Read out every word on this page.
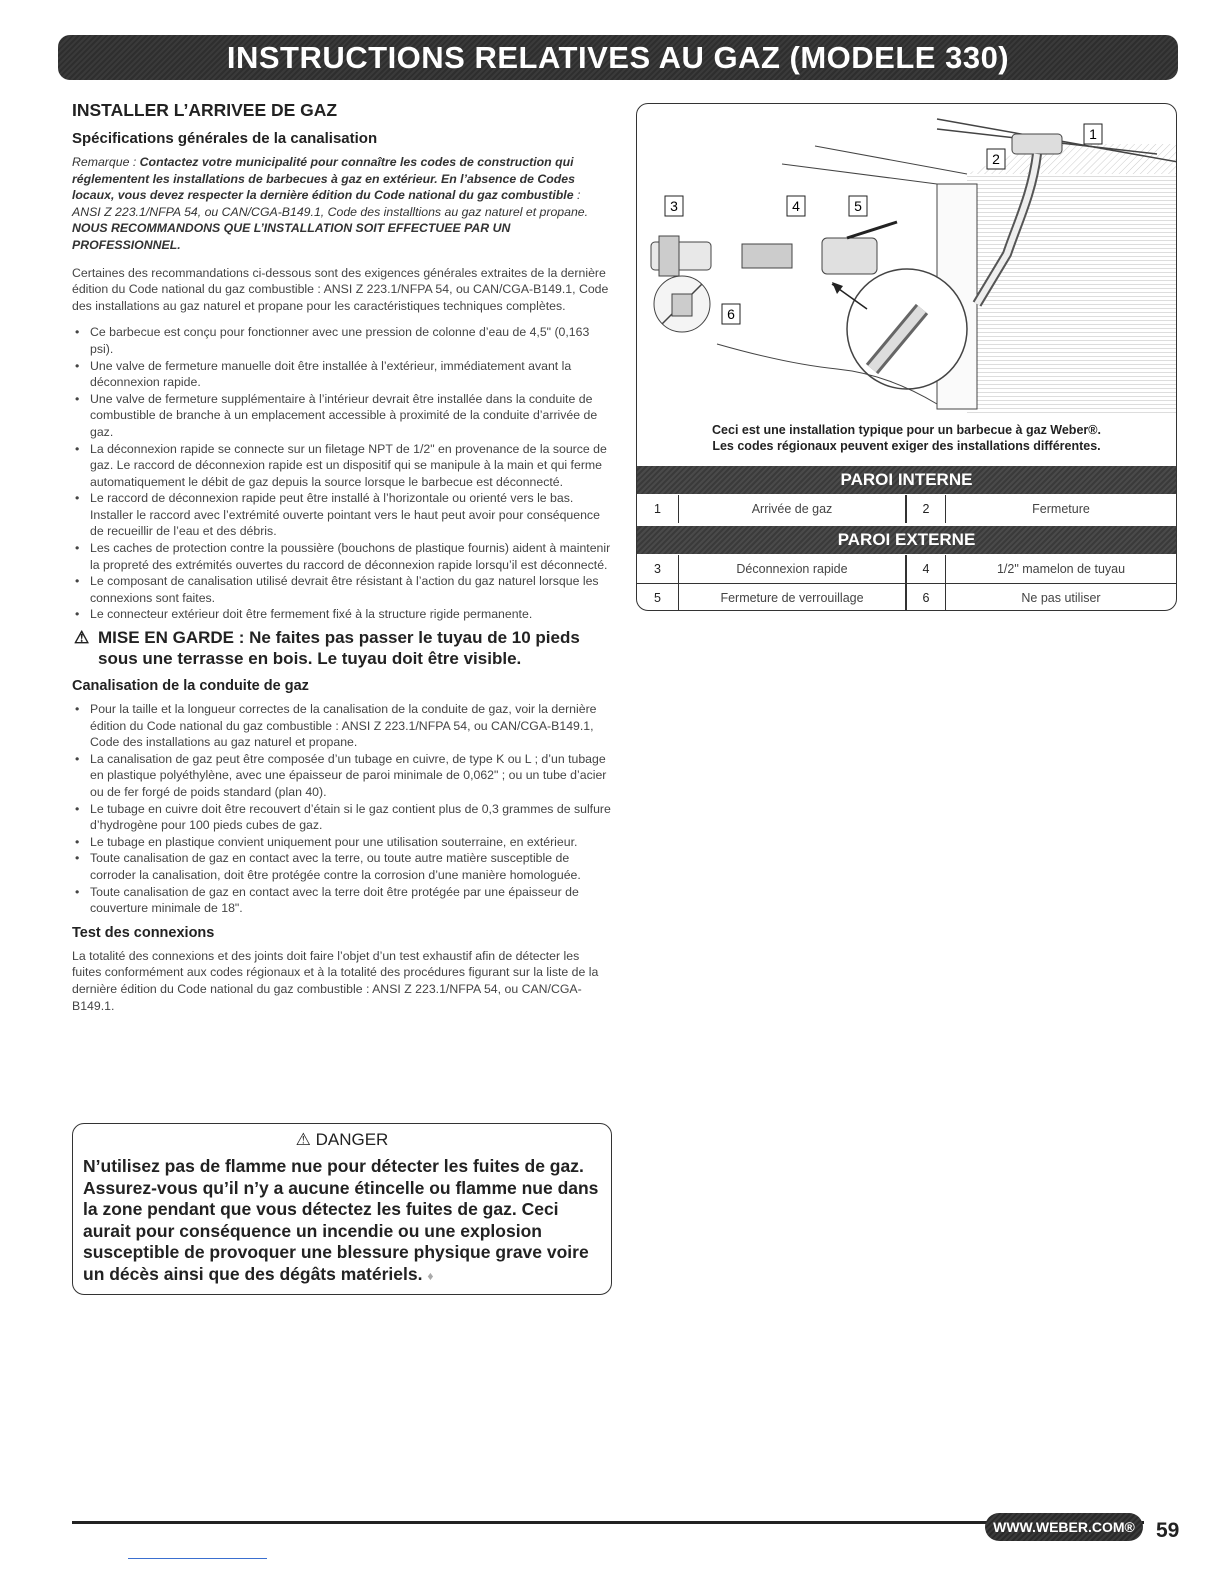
INSTRUCTIONS RELATIVES AU GAZ (MODELE 330)
INSTALLER L’ARRIVEE DE GAZ
Spécifications générales de la canalisation

Remarque : Contactez votre municipalité pour connaître les codes de construction qui réglementent les installations de barbecues à gaz en extérieur. En l’absence de Codes locaux, vous devez respecter la dernière édition du Code national du gaz combustible : ANSI Z 223.1/NFPA 54, ou CAN/CGA-B149.1, Code des installtions au gaz naturel et propane. NOUS RECOMMANDONS QUE L’INSTALLATION SOIT EFFECTUEE PAR UN PROFESSIONNEL.

Certaines des recommandations ci-dessous sont des exigences générales extraites de la dernière édition du Code national du gaz combustible : ANSI Z 223.1/NFPA 54, ou CAN/CGA-B149.1, Code des installations au gaz naturel et propane pour les caractéristiques techniques complètes.

• Ce barbecue est conçu pour fonctionner avec une pression de colonne d’eau de 4,5" (0,163 psi).
• Une valve de fermeture manuelle doit être installée à l’extérieur, immédiatement avant la déconnexion rapide.
• Une valve de fermeture supplémentaire à l’intérieur devrait être installée dans la conduite de combustible de branche à un emplacement accessible à proximité de la conduite d’arrivée de gaz.
• La déconnexion rapide se connecte sur un filetage NPT de 1/2" en provenance de la source de gaz. Le raccord de déconnexion rapide est un dispositif qui se manipule à la main et qui ferme automatiquement le débit de gaz depuis la source lorsque le barbecue est déconnecté.
• Le raccord de déconnexion rapide peut être installé à l’horizontale ou orienté vers le bas. Installer le raccord avec l’extrémité ouverte pointant vers le haut peut avoir pour conséquence de recueillir de l’eau et des débris.
• Les caches de protection contre la poussière (bouchons de plastique fournis) aident à maintenir la propreté des extrémités ouvertes du raccord de déconnexion rapide lorsqu’il est déconnecté.
• Le composant de canalisation utilisé devrait être résistant à l’action du gaz naturel lorsque les connexions sont faites.
• Le connecteur extérieur doit être fermement fixé à la structure rigide permanente.
⚠ MISE EN GARDE : Ne faites pas passer le tuyau de 10 pieds sous une terrasse en bois. Le tuyau doit être visible.
Canalisation de la conduite de gaz
• Pour la taille et la longueur correctes de la canalisation de la conduite de gaz, voir la dernière édition du Code national du gaz combustible : ANSI Z 223.1/NFPA 54, ou CAN/CGA-B149.1, Code des installations au gaz naturel et propane.
• La canalisation de gaz peut être composée d’un tubage en cuivre, de type K ou L ; d’un tubage en plastique polyéthylène, avec une épaisseur de paroi minimale de 0,062" ; ou un tube d’acier ou de fer forgé de poids standard (plan 40).
• Le tubage en cuivre doit être recouvert d’étain si le gaz contient plus de 0,3 grammes de sulfure d’hydrogène pour 100 pieds cubes de gaz.
• Le tubage en plastique convient uniquement pour une utilisation souterraine, en extérieur.
• Toute canalisation de gaz en contact avec la terre, ou toute autre matière susceptible de corroder la canalisation, doit être protégée contre la corrosion d’une manière homologuée.
• Toute canalisation de gaz en contact avec la terre doit être protégée par une épaisseur de couverture minimale de 18".
Test des connexions

La totalité des connexions et des joints doit faire l’objet d’un test exhaustif afin de détecter les fuites conformément aux codes régionaux et à la totalité des procédures figurant sur la liste de la dernière édition du Code national du gaz combustible : ANSI Z 223.1/NFPA 54, ou CAN/CGA-B149.1.

⚠ DANGER
N’utilisez pas de flamme nue pour détecter les fuites de gaz. Assurez-vous qu’il n’y a aucune étincelle ou flamme nue dans la zone pendant que vous détectez les fuites de gaz. Ceci aurait pour conséquence un incendie ou une explosion susceptible de provoquer une blessure physique grave voire un décès ainsi que des dégâts matériels. ♦
1
2
3	4	5
6
Ceci est une installation typique pour un barbecue à gaz Weber®.
Les codes régionaux peuvent exiger des installations différentes.
PAROI INTERNE
1	Arrivée de gaz	2	Fermeture
PAROI EXTERNE
3	Déconnexion rapide	4	1/2" mamelon de tuyau
5	Fermeture de verrouillage	6	Ne pas utiliser
WWW.WEBER.COM® 59
